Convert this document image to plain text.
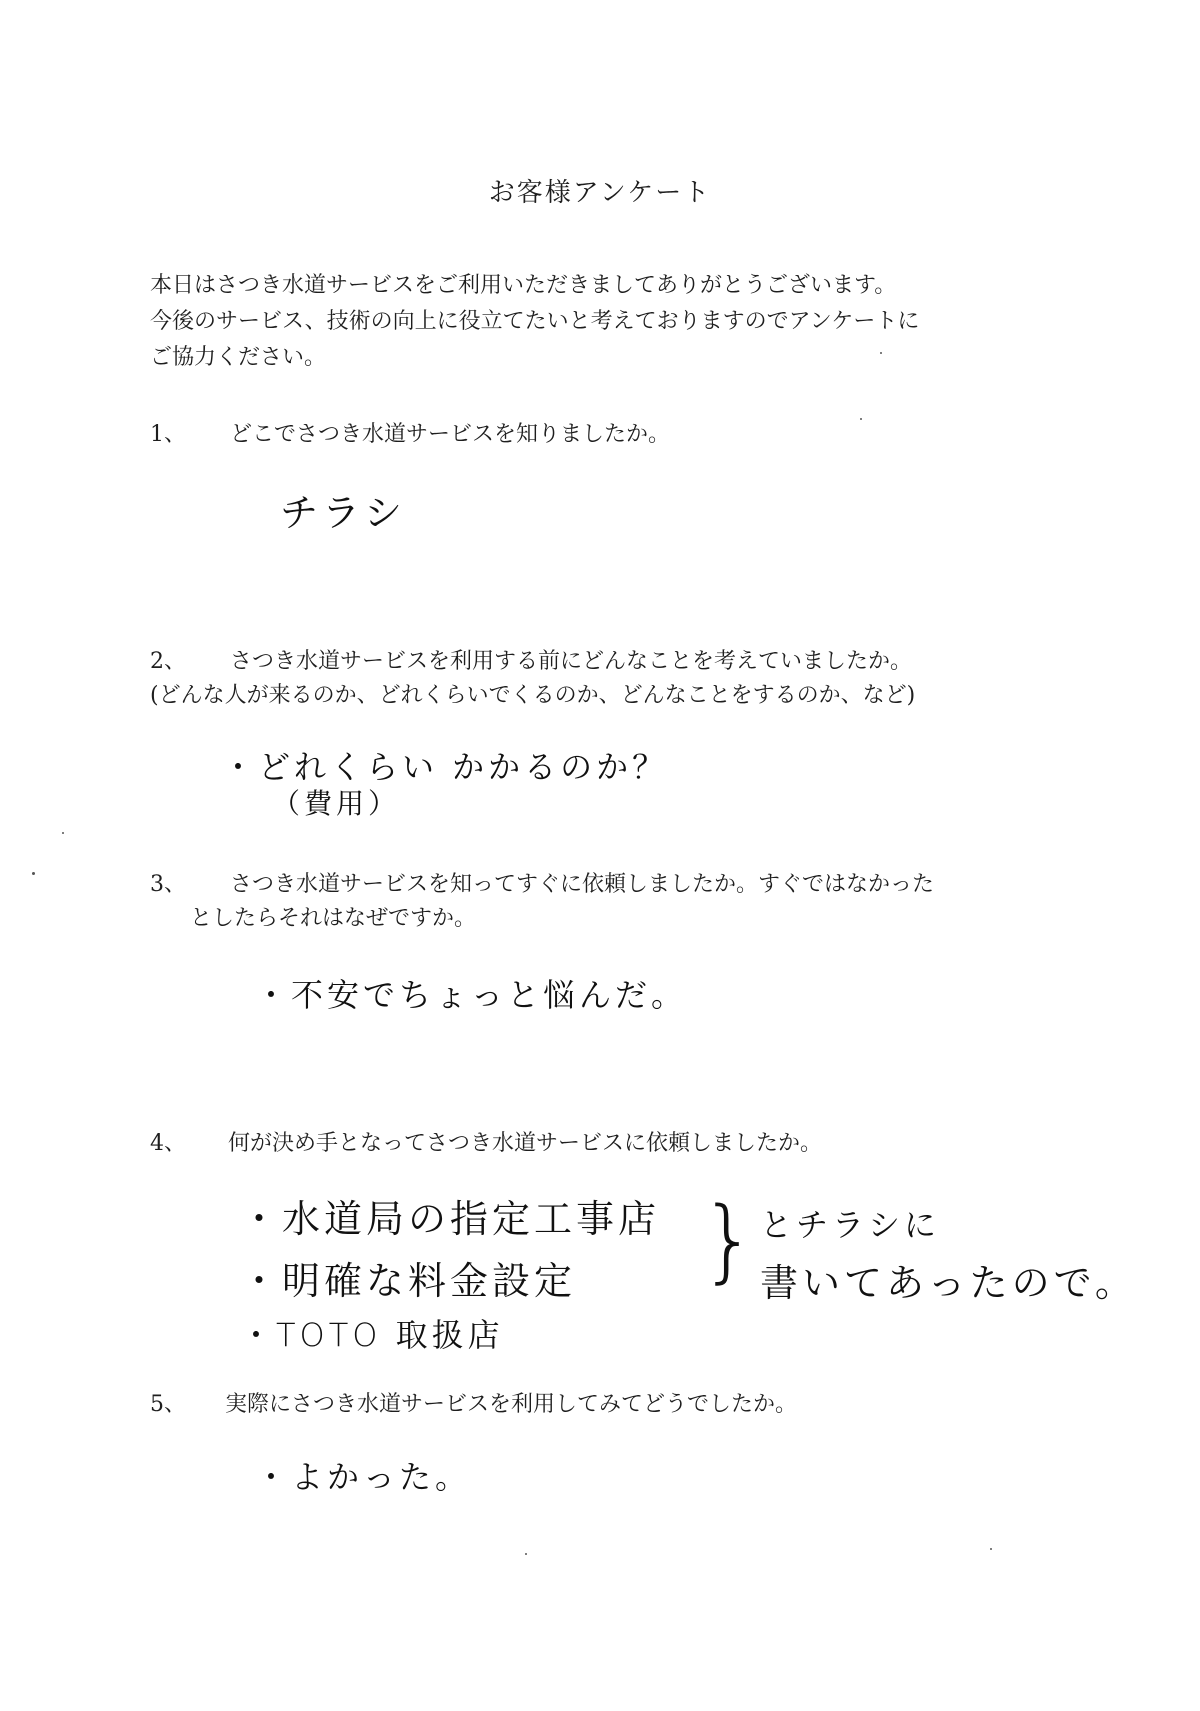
お客様アンケート
本日はさつき水道サービスをご利用いただきましてありがとうございます。
今後のサービス、技術の向上に役立てたいと考えておりますのでアンケートに
ご協力ください。
1、 どこでさつき水道サービスを知りましたか。
チラシ
2、 さつき水道サービスを利用する前にどんなことを考えていましたか。
(どんな人が来るのか、どれくらいでくるのか、どんなことをするのか、など)
・どれくらい かかるのか？
（費用）
3、 さつき水道サービスを知ってすぐに依頼しましたか。すぐではなかった
としたらそれはなぜですか。
・不安でちょっと悩んだ。
4、 何が決め手となってさつき水道サービスに依頼しましたか。
・水道局の指定工事店
・明確な料金設定
・TOTO 取扱店
} とチラシに
書いてあったので。
5、 実際にさつき水道サービスを利用してみてどうでしたか。
・よかった。
